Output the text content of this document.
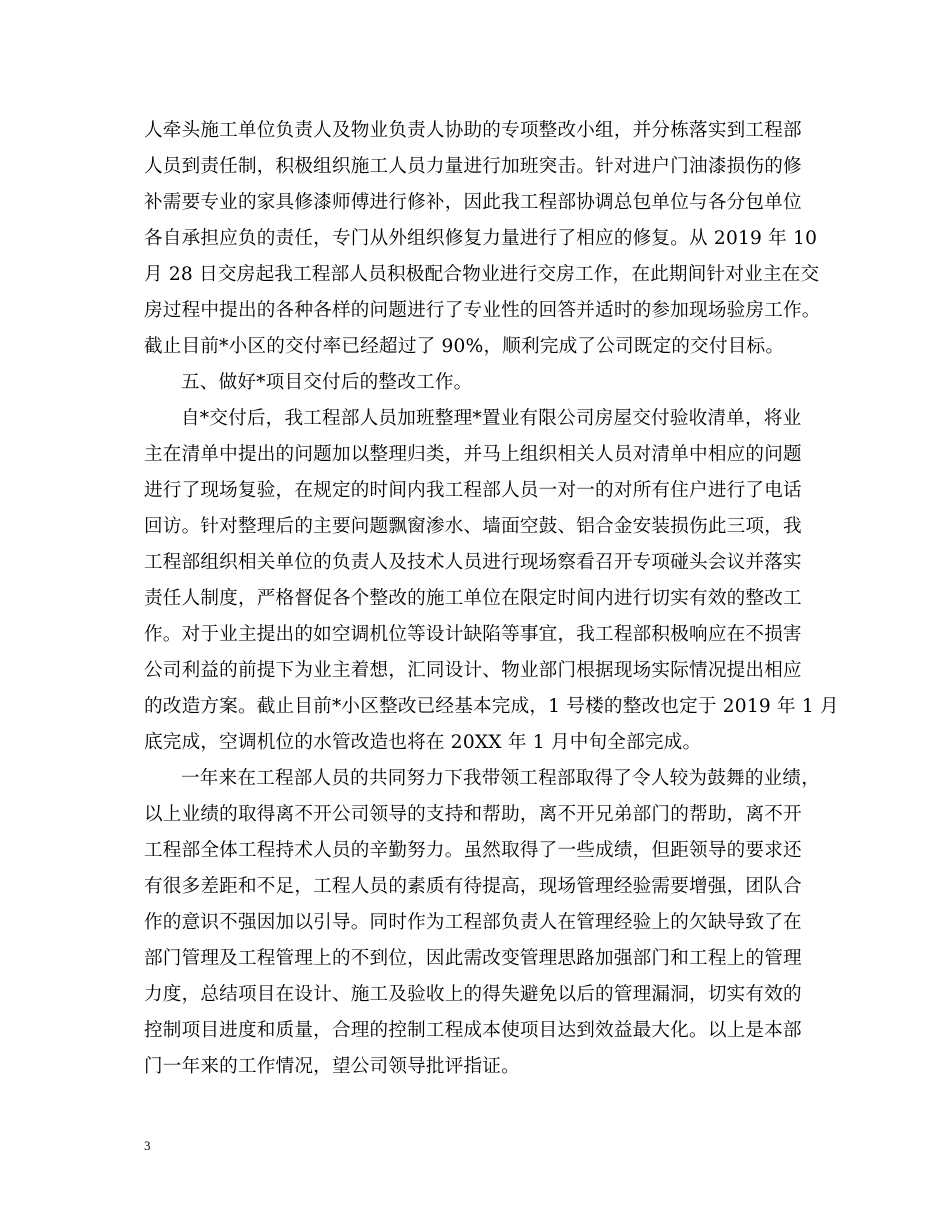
人牵头施工单位负责人及物业负责人协助的专项整改小组，并分栋落实到工程部
人员到责任制，积极组织施工人员力量进行加班突击。针对进户门油漆损伤的修
补需要专业的家具修漆师傅进行修补，因此我工程部协调总包单位与各分包单位
各自承担应负的责任，专门从外组织修复力量进行了相应的修复。从 2019 年 10
月 28 日交房起我工程部人员积极配合物业进行交房工作，在此期间针对业主在交
房过程中提出的各种各样的问题进行了专业性的回答并适时的参加现场验房工作。
截止目前*小区的交付率已经超过了 90%，顺利完成了公司既定的交付目标。
五、做好*项目交付后的整改工作。
自*交付后，我工程部人员加班整理*置业有限公司房屋交付验收清单，将业
主在清单中提出的问题加以整理归类，并马上组织相关人员对清单中相应的问题
进行了现场复验，在规定的时间内我工程部人员一对一的对所有住户进行了电话
回访。针对整理后的主要问题飘窗渗水、墙面空鼓、铝合金安装损伤此三项，我
工程部组织相关单位的负责人及技术人员进行现场察看召开专项碰头会议并落实
责任人制度，严格督促各个整改的施工单位在限定时间内进行切实有效的整改工
作。对于业主提出的如空调机位等设计缺陷等事宜，我工程部积极响应在不损害
公司利益的前提下为业主着想，汇同设计、物业部门根据现场实际情况提出相应
的改造方案。截止目前*小区整改已经基本完成，1 号楼的整改也定于 2019 年 1 月
底完成，空调机位的水管改造也将在 20XX 年 1 月中旬全部完成。
一年来在工程部人员的共同努力下我带领工程部取得了令人较为鼓舞的业绩，
以上业绩的取得离不开公司领导的支持和帮助，离不开兄弟部门的帮助，离不开
工程部全体工程持术人员的辛勤努力。虽然取得了一些成绩，但距领导的要求还
有很多差距和不足，工程人员的素质有待提高，现场管理经验需要增强，团队合
作的意识不强因加以引导。同时作为工程部负责人在管理经验上的欠缺导致了在
部门管理及工程管理上的不到位，因此需改变管理思路加强部门和工程上的管理
力度，总结项目在设计、施工及验收上的得失避免以后的管理漏洞，切实有效的
控制项目进度和质量，合理的控制工程成本使项目达到效益最大化。以上是本部
门一年来的工作情况，望公司领导批评指证。
3
